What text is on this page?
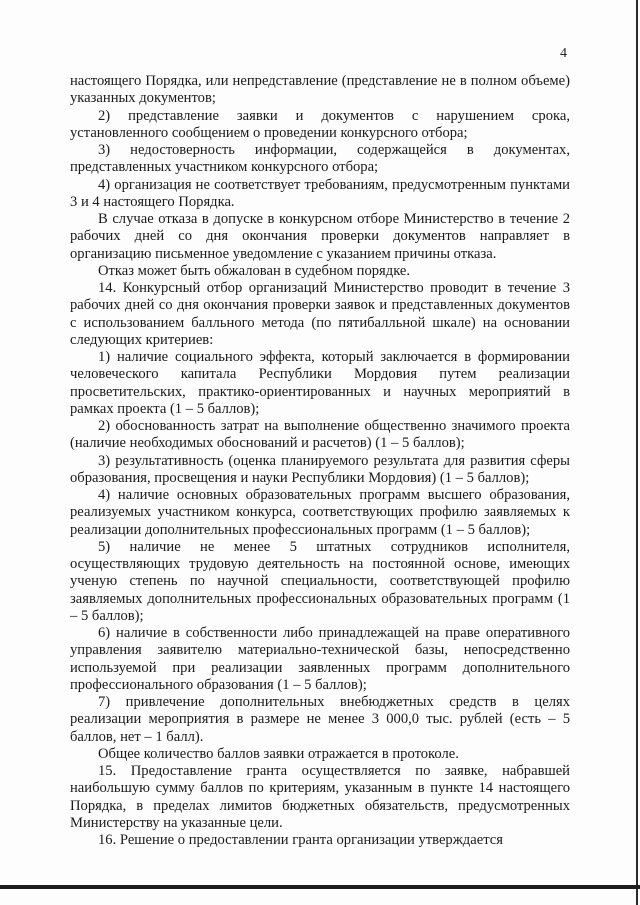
4

настоящего Порядка, или непредставление (представление не в полном объеме) указанных документов;

2) представление заявки и документов с нарушением срока, установленного сообщением о проведении конкурсного отбора;

3) недостоверность информации, содержащейся в документах, представленных участником конкурсного отбора;

4) организация не соответствует требованиям, предусмотренным пунктами 3 и 4 настоящего Порядка.

В случае отказа в допуске в конкурсном отборе Министерство в течение 2 рабочих дней со дня окончания проверки документов направляет в организацию письменное уведомление с указанием причины отказа.

Отказ может быть обжалован в судебном порядке.

14. Конкурсный отбор организаций Министерство проводит в течение 3 рабочих дней со дня окончания проверки заявок и представленных документов с использованием балльного метода (по пятибалльной шкале) на основании следующих критериев:

1) наличие социального эффекта, который заключается в формировании человеческого капитала Республики Мордовия путем реализации просветительских, практико-ориентированных и научных мероприятий в рамках проекта (1 – 5 баллов);

2) обоснованность затрат на выполнение общественно значимого проекта (наличие необходимых обоснований и расчетов) (1 – 5 баллов);

3) результативность (оценка планируемого результата для развития сферы образования, просвещения и науки Республики Мордовия) (1 – 5 баллов);

4) наличие основных образовательных программ высшего образования, реализуемых участником конкурса, соответствующих профилю заявляемых к реализации дополнительных профессиональных программ (1 – 5 баллов);

5) наличие не менее 5 штатных сотрудников исполнителя, осуществляющих трудовую деятельность на постоянной основе, имеющих ученую степень по научной специальности, соответствующей профилю заявляемых дополнительных профессиональных образовательных программ (1 – 5 баллов);

6) наличие в собственности либо принадлежащей на праве оперативного управления заявителю материально-технической базы, непосредственно используемой при реализации заявленных программ дополнительного профессионального образования (1 – 5 баллов);

7) привлечение дополнительных внебюджетных средств в целях реализации мероприятия в размере не менее 3 000,0 тыс. рублей (есть – 5 баллов, нет – 1 балл).

Общее количество баллов заявки отражается в протоколе.

15. Предоставление гранта осуществляется по заявке, набравшей наибольшую сумму баллов по критериям, указанным в пункте 14 настоящего Порядка, в пределах лимитов бюджетных обязательств, предусмотренных Министерству на указанные цели.

16. Решение о предоставлении гранта организации утверждается
